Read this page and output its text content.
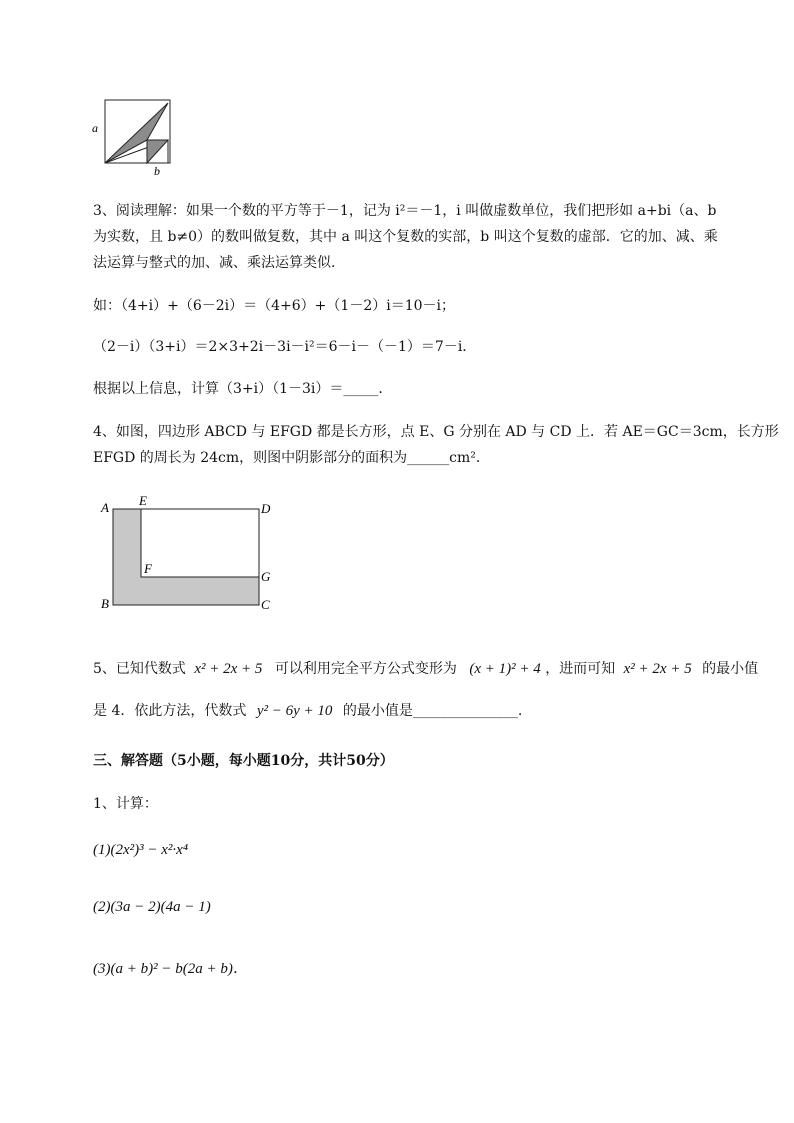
a
b
3、阅读理解：如果一个数的平方等于－1，记为 i²＝－1，i 叫做虚数单位，我们把形如 a+bi（a、b
为实数，且 b≠0）的数叫做复数，其中 a 叫这个复数的实部，b 叫这个复数的虚部．它的加、减、乘
法运算与整式的加、减、乘法运算类似．
如：（4+i）+（6－2i）＝（4+6）+（1－2）i＝10－i；
（2－i）（3+i）＝2×3+2i－3i－i²＝6－i－（－1）＝7－i．
根据以上信息，计算（3+i）（1－3i）＝_____．
4、如图，四边形 ABCD 与 EFGD 都是长方形，点 E、G 分别在 AD 与 CD 上．若 AE＝GC＝3cm，长方形
EFGD 的周长为 24cm，则图中阴影部分的面积为______cm²．
A E
D
F
G
B	C
5、已知代数式 x² + 2x + 5 可以利用完全平方公式变形为 (x + 1)² + 4 ，进而可知 x² + 2x + 5 的最小值
是 4．依此方法，代数式 y² − 6y + 10 的最小值是_______________.
三、解答题（5小题，每小题10分，共计50分）
1、计算：
(1)(2x²)³ − x²·x⁴
(2)(3a − 2)(4a − 1)
(3)(a + b)² − b(2a + b)．
